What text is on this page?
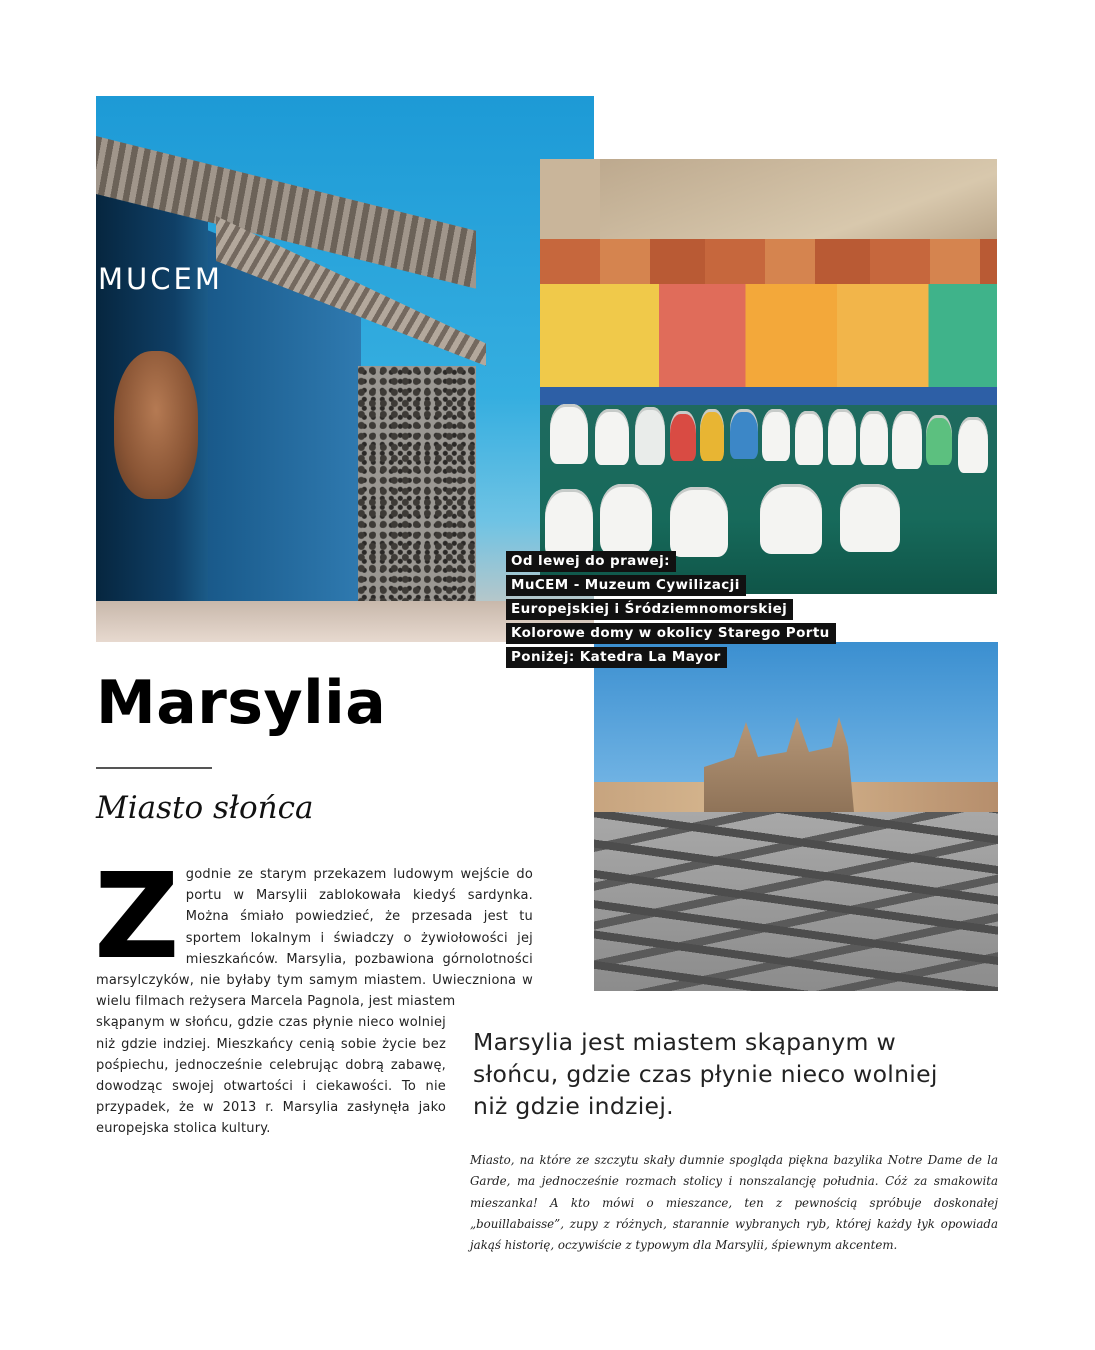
MUCEM
Od lewej do prawej:
MuCEM - Muzeum Cywilizacji
Europejskiej i Śródziemnomorskiej
Kolorowe domy w okolicy Starego Portu
Poniżej: Katedra La Mayor
Marsylia
Miasto słońca
Z godnie ze starym przekazem ludowym wejście do portu w Marsylii zablokowała kiedyś sardynka. Można śmiało powiedzieć, że przesada jest tu sportem lokalnym i świadczy o żywiołowości jej mieszkańców. Marsylia, pozbawiona górnolotności marsylczyków, nie byłaby tym samym miastem. Uwieczniona w wielu filmach reżysera Marcela Pagnola, jest miastem
skąpanym w słońcu, gdzie czas płynie nieco wolniej niż gdzie indziej. Mieszkańcy cenią sobie życie bez pośpiechu, jednocześnie celebrując dobrą zabawę, dowodząc swojej otwartości i ciekawości. To nie przypadek, że w 2013 r. Marsylia zasłynęła jako europejska stolica kultury.

Marsylia jest miastem skąpanym w słońcu, gdzie czas płynie nieco wolniej niż gdzie indziej.

Miasto, na które ze szczytu skały dumnie spogląda piękna bazylika Notre Dame de la Garde, ma jednocześnie rozmach stolicy i nonszalancję południa. Cóż za smakowita mieszanka! A kto mówi o mieszance, ten z pewnością spróbuje doskonałej „bouillabaisse”, zupy z różnych, starannie wybranych ryb, której każdy łyk opowiada jakąś historię, oczywiście z typowym dla Marsylii, śpiewnym akcentem.
